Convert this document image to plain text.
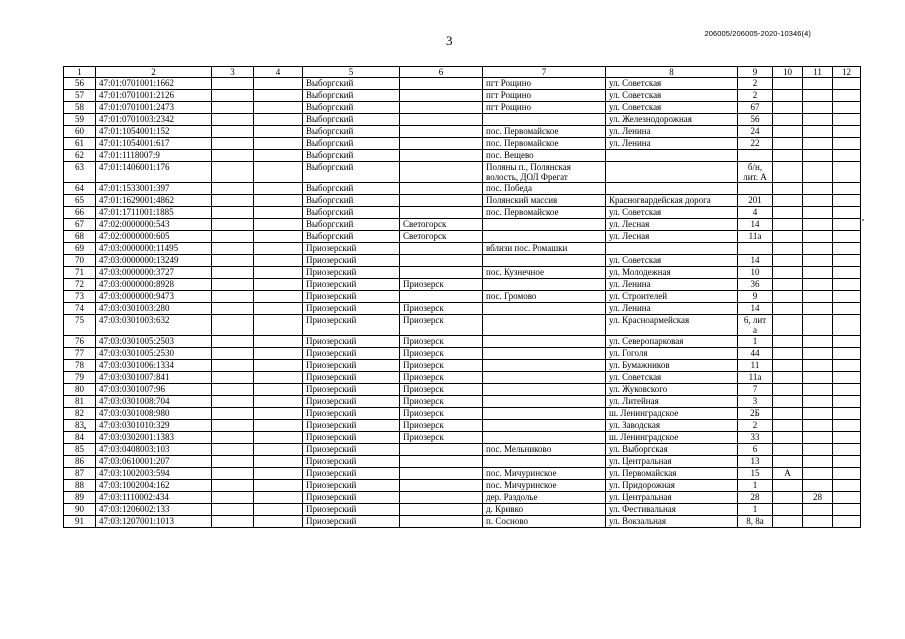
3	206005/206005-2020-10346(4)
1	2	3	4	5	6	7	8	9	10	11	12
56	47:01:0701001:1662			Выборгский		пгт Рощино	ул. Советская	2			
57	47:01:0701001:2126			Выборгский		пгт Рощино	ул. Советская	2			
58	47:01:0701001:2473			Выборгский		пгт Рощино	ул. Советская	67			
59	47:01:0701003:2342			Выборгский			ул. Железнодорожная	56			
60	47:01:1054001:152			Выборгский		пос. Первомайское	ул. Ленина	24			
61	47:01:1054001:617			Выборгский		пос. Первомайское	ул. Ленина	22			
62	47:01:1118007:9			Выборгский		пос. Вещево					
63	47:01:1406001:176			Выборгский		Поляны п., Полянская волость, ДОЛ Фрегат		б/н, лит. А			
64	47:01:1533001:397			Выборгский		пос. Победа					
65	47:01:1629001:4862			Выборгский		Полянский массив	Красногвардейская дорога	201			
66	47:01:1711001:1885			Выборгский		пос. Первомайское	ул. Советская	4			
67	47:02:0000000:543			Выборгский	Светогорск		ул. Лесная	14			
68	47:02:0000000:605			Выборгский	Светогорск		ул. Лесная	11а			
69	47:03:0000000:11495			Приозерский		вблизи пос. Ромашки					
70	47:03:0000000:13249			Приозерский			ул. Советская	14			
71	47:03:0000000:3727			Приозерский		пос. Кузнечное	ул. Молодежная	10			
72	47:03:0000000:8928			Приозерский	Приозерск		ул. Ленина	36			
73	47:03:0000000:9473			Приозерский		пос. Громово	ул. Строителей	9			
74	47:03:0301003:280			Приозерский	Приозерск		ул. Ленина	14			
75	47:03:0301003:632			Приозерский	Приозерск		ул. Красноармейская	6, лит а			
76	47:03:0301005:2503			Приозерский	Приозерск		ул. Северопарковая	1			
77	47:03:0301005:2530			Приозерский	Приозерск		ул. Гоголя	44			
78	47:03:0301006:1334			Приозерский	Приозерск		ул. Бумажников	11			
79	47:03:0301007:841			Приозерский	Приозерск		ул. Советская	11а			
80	47:03:0301007:96			Приозерский	Приозерск		ул. Жуковского	7			
81	47:03:0301008:704			Приозерский	Приозерск		ул. Литейная	3			
82	47:03:0301008:980			Приозерский	Приозерск		ш. Ленинградское	2Б			
83	47:03:0301010:329			Приозерский	Приозерск		ул. Заводская	2			
84	47:03:0302001:1383			Приозерский	Приозерск		ш. Ленинградское	33			
85	47:03:0408003:103			Приозерский		пос. Мельниково	ул. Выборгская	6			
86	47:03:0610001:207			Приозерский			ул. Центральная	13			
87	47:03:1002003:594			Приозерский		пос. Мичуринское	ул. Первомайская	15	А		
88	47:03:1002004:162			Приозерский		пос. Мичуринское	ул. Придорожная	1			
89	47:03:1110002:434			Приозерский		дер. Раздолье	ул. Центральная	28		28	
90	47:03:1206002:133			Приозерский		д. Кривко	ул. Фестивальная	1			
91	47:03:1207001:1013			Приозерский		п. Сосново	ул. Вокзальная	8, 8а			
